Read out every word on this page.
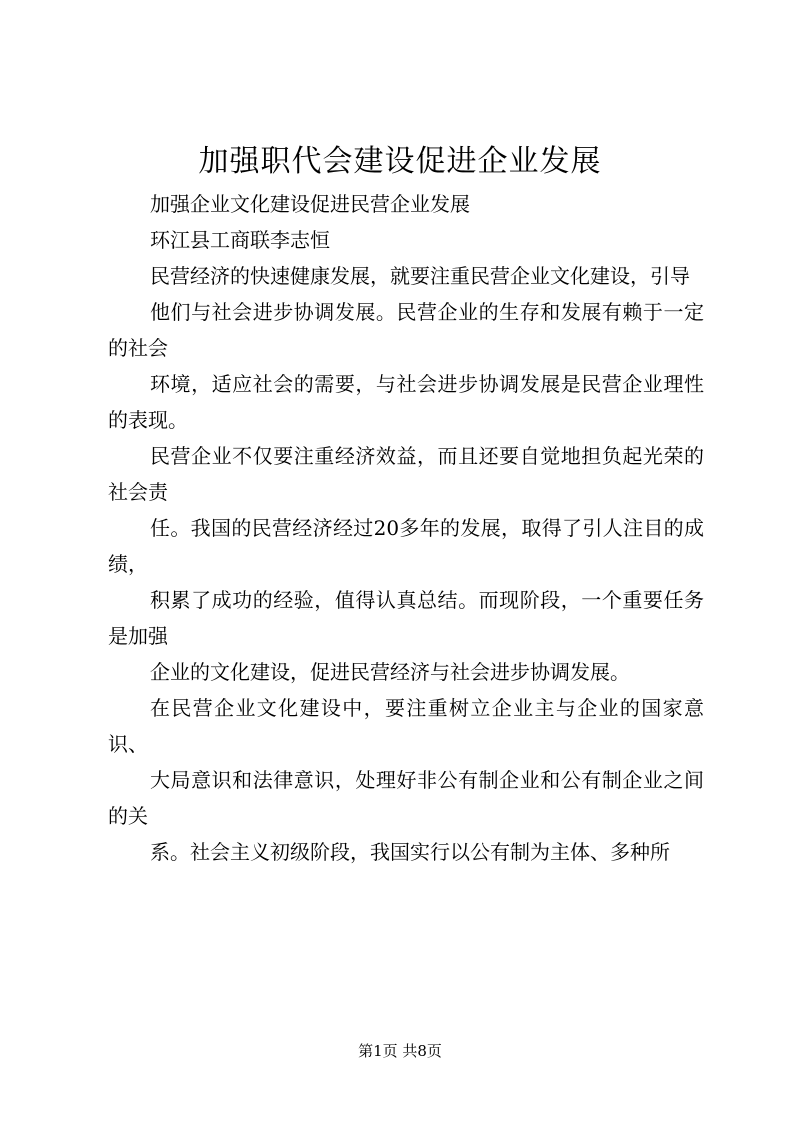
加强职代会建设促进企业发展

加强企业文化建设促进民营企业发展

环江县工商联李志恒

民营经济的快速健康发展，就要注重民营企业文化建设，引导

他们与社会进步协调发展。民营企业的生存和发展有赖于一定的社会

环境，适应社会的需要，与社会进步协调发展是民营企业理性的表现。

民营企业不仅要注重经济效益，而且还要自觉地担负起光荣的社会责

任。我国的民营经济经过20多年的发展，取得了引人注目的成绩，

积累了成功的经验，值得认真总结。而现阶段，一个重要任务是加强

企业的文化建设，促进民营经济与社会进步协调发展。

在民营企业文化建设中，要注重树立企业主与企业的国家意识、

大局意识和法律意识，处理好非公有制企业和公有制企业之间的关

系。社会主义初级阶段，我国实行以公有制为主体、多种所

第1页 共8页
